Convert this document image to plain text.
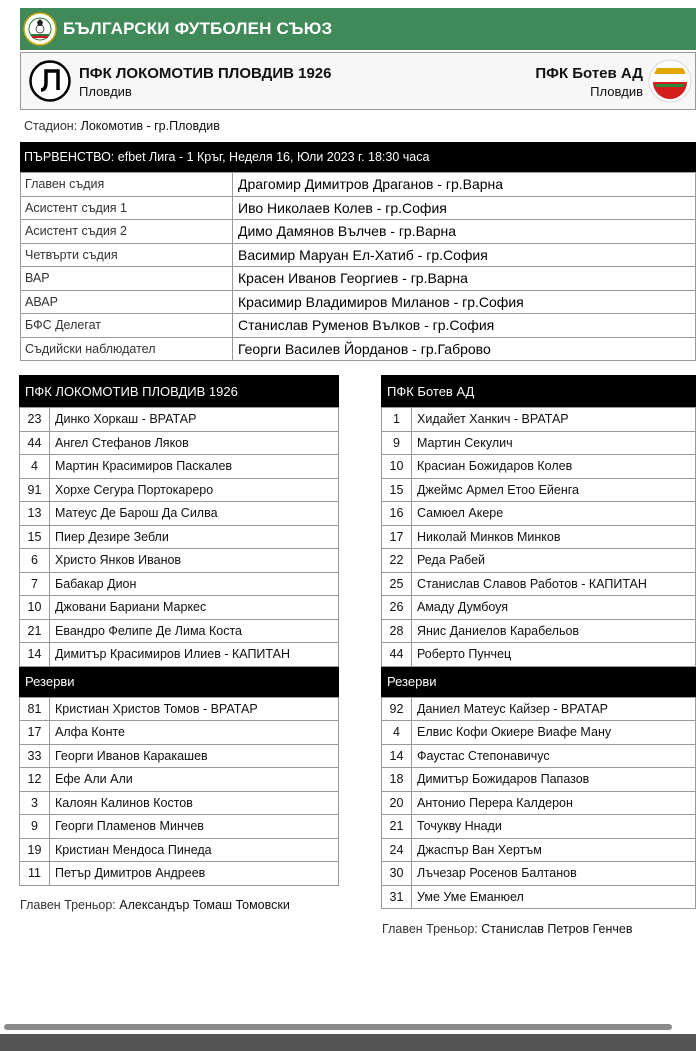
БЪЛГАРСКИ ФУТБОЛЕН СЪЮЗ
ПФК ЛОКОМОТИВ ПЛОВДИВ 1926
Пловдив
ПФК Ботев АД
Пловдив
Стадион: Локомотив - гр.Пловдив
ПЪРВЕНСТВО:
efbet Лига - 1 Кръг, Неделя 16, Юли 2023 г. 18:30 часа
Главен съдия	Драгомир Димитров Драганов - гр.Варна
Асистент съдия 1	Иво Николаев Колев - гр.София
Асистент съдия 2	Димо Дамянов Вълчев - гр.Варна
Четвърти съдия	Васимир Маруан Ел-Хатиб - гр.София
ВАР	Красен Иванов Георгиев - гр.Варна
АВАР	Красимир Владимиров Миланов - гр.София
БФС Делегат	Станислав Руменов Вълков - гр.София
Съдийски наблюдател	Георги Василев Йорданов - гр.Габрово
ПФК ЛОКОМОТИВ ПЛОВДИВ 1926
23	Динко Хоркаш - ВРАТАР
44	Ангел Стефанов Ляков
4	Мартин Красимиров Паскалев
91	Хорхе Сегура Портокареро
13	Матеус Де Барош Да Силва
15	Пиер Дезире Зебли
6	Христо Янков Иванов
7	Бабакар Дион
10	Джовани Бариани Маркес
21	Евандро Фелипе Де Лима Коста
14	Димитър Красимиров Илиев - КАПИТАН
Резерви
81	Кристиан Христов Томов - ВРАТАР
17	Алфа Конте
33	Георги Иванов Каракашев
12	Ефе Али Али
3	Калоян Калинов Костов
9	Георги Пламенов Минчев
19	Кристиан Мендоса Пинеда
11	Петър Димитров Андреев
ПФК Ботев АД
1	Хидайет Ханкич - ВРАТАР
9	Мартин Секулич
10	Красиан Божидаров Колев
15	Джеймс Армел Етоо Ейенга
16	Самюел Акере
17	Николай Минков Минков
22	Реда Рабей
25	Станислав Славов Работов - КАПИТАН
26	Амаду Думбоуя
28	Янис Даниелов Карабельов
44	Роберто Пунчец
Резерви
92	Даниел Матеус Кайзер - ВРАТАР
4	Елвис Кофи Окиере Виафе Ману
14	Фаустас Степонавичус
18	Димитър Божидаров Папазов
20	Антонио Перера Калдерон
21	Точукву Ннади
24	Джаспър Ван Хертъм
30	Лъчезар Росенов Балтанов
31	Уме Уме Еманюел
Главен Треньор: Александър Томаш Томовски
Главен Треньор: Станислав Петров Генчев
